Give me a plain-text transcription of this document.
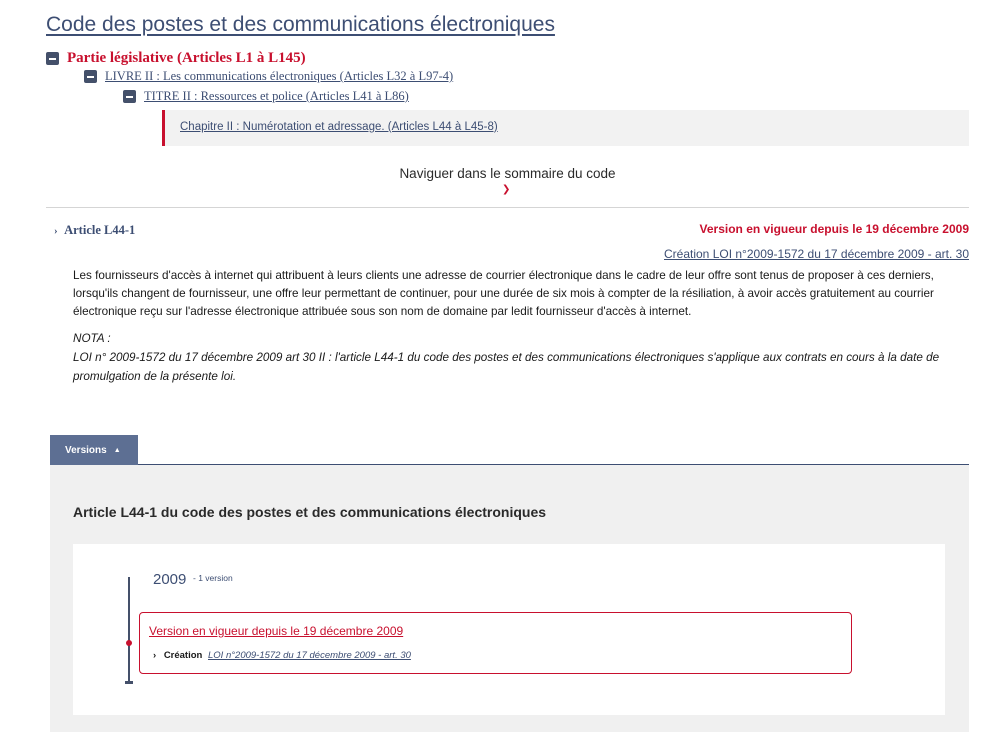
Code des postes et des communications électroniques
Partie législative (Articles L1 à L145)
LIVRE II : Les communications électroniques (Articles L32 à L97-4)
TITRE II : Ressources et police (Articles L41 à L86)
Chapitre II : Numérotation et adressage. (Articles L44 à L45-8)
Naviguer dans le sommaire du code
❯
› Article L44-1	Version en vigueur depuis le 19 décembre 2009
Création LOI n°2009-1572 du 17 décembre 2009 - art. 30

Les fournisseurs d'accès à internet qui attribuent à leurs clients une adresse de courrier électronique dans le cadre de leur offre sont tenus de proposer à ces derniers, lorsqu'ils changent de fournisseur, une offre leur permettant de continuer, pour une durée de six mois à compter de la résiliation, à avoir accès gratuitement au courrier électronique reçu sur l'adresse électronique attribuée sous son nom de domaine par ledit fournisseur d'accès à internet.

NOTA :
LOI n° 2009-1572 du 17 décembre 2009 art 30 II : l'article L44-1 du code des postes et des communications électroniques s'applique aux contrats en cours à la date de promulgation de la présente loi.
Versions ▲
Article L44-1 du code des postes et des communications électroniques
2009 - 1 version
Version en vigueur depuis le 19 décembre 2009
› Création LOI n°2009-1572 du 17 décembre 2009 - art. 30
